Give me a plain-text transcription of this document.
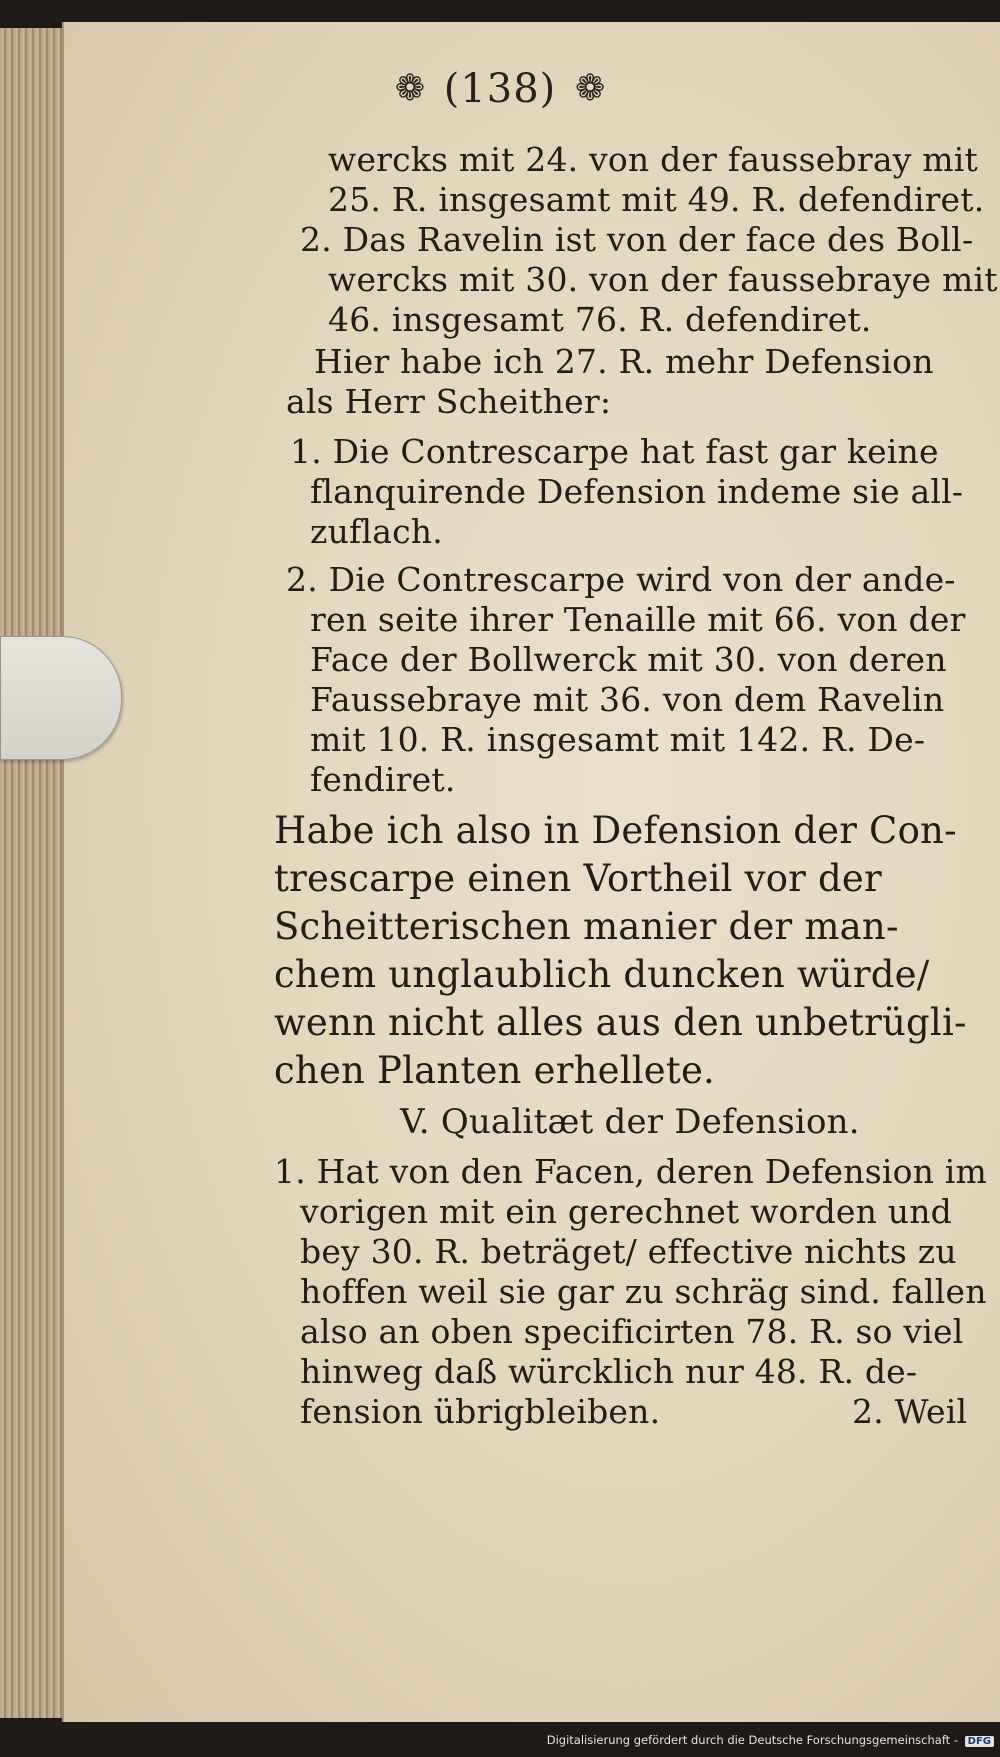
❁ (138) ❁
wercks mit 24. von der faussebray mit
25. R. insgesamt mit 49. R. defendiret.
2. Das Ravelin ist von der face des Boll-
wercks mit 30. von der faussebraye mit
46. insgesamt 76. R. defendiret.
Hier habe ich 27. R. mehr Defension
als Herr Scheither:
1. Die Contrescarpe hat fast gar keine
flanquirende Defension indeme sie all-
zuflach.
2. Die Contrescarpe wird von der ande-
ren seite ihrer Tenaille mit 66. von der
Face der Bollwerck mit 30. von deren
Faussebraye mit 36. von dem Ravelin
mit 10. R. insgesamt mit 142. R. De-
fendiret.
Habe ich also in Defension der Con-
trescarpe einen Vortheil vor der
Scheitterischen manier der man-
chem unglaublich duncken würde/
wenn nicht alles aus den unbetrügli-
chen Planten erhellete.
V. Qualitæt der Defension.
1. Hat von den Facen, deren Defension im
vorigen mit ein gerechnet worden und
bey 30. R. beträget/ effective nichts zu
hoffen weil sie gar zu schräg sind. fallen
also an oben specificirten 78. R. so viel
hinweg daß würcklich nur 48. R. de-
fension übrigbleiben.	2. Weil
Digitalisierung gefördert durch die Deutsche Forschungsgemeinschaft - DFG
